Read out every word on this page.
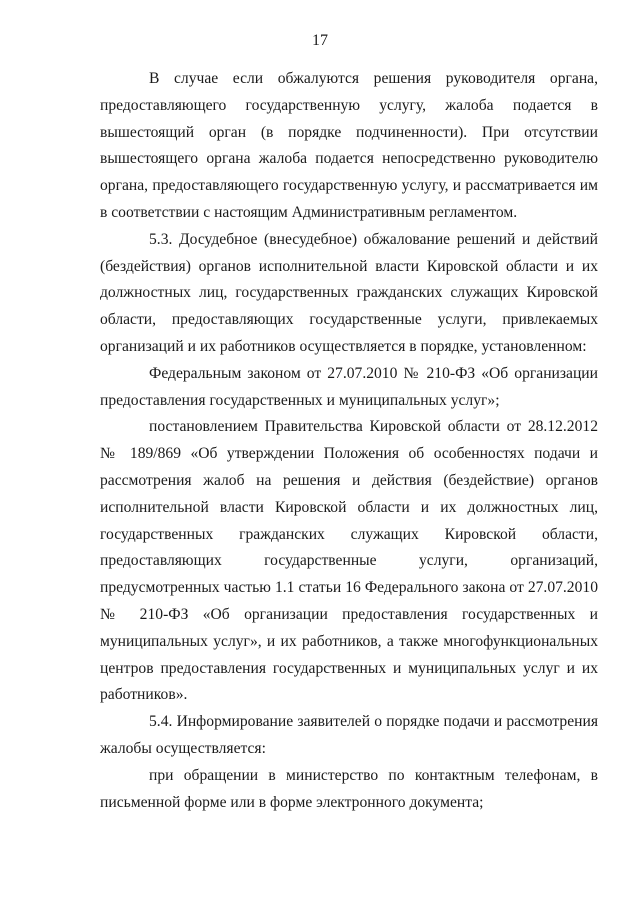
17

В случае если обжалуются решения руководителя органа, предоставляющего государственную услугу, жалоба подается в вышестоящий орган (в порядке подчиненности). При отсутствии вышестоящего органа жалоба подается непосредственно руководителю органа, предоставляющего государственную услугу, и рассматривается им в соответствии с настоящим Административным регламентом.

5.3. Досудебное (внесудебное) обжалование решений и действий (бездействия) органов исполнительной власти Кировской области и их должностных лиц, государственных гражданских служащих Кировской области, предоставляющих государственные услуги, привлекаемых организаций и их работников осуществляется в порядке, установленном:

Федеральным законом от 27.07.2010 № 210-ФЗ «Об организации предоставления государственных и муниципальных услуг»;

постановлением Правительства Кировской области от 28.12.2012 № 189/869 «Об утверждении Положения об особенностях подачи и рассмотрения жалоб на решения и действия (бездействие) органов исполнительной власти Кировской области и их должностных лиц, государственных гражданских служащих Кировской области, предоставляющих государственные услуги, организаций, предусмотренных частью 1.1 статьи 16 Федерального закона от 27.07.2010 № 210-ФЗ «Об организации предоставления государственных и муниципальных услуг», и их работников, а также многофункциональных центров предоставления государственных и муниципальных услуг и их работников».

5.4. Информирование заявителей о порядке подачи и рассмотрения жалобы осуществляется:

при обращении в министерство по контактным телефонам, в письменной форме или в форме электронного документа;
